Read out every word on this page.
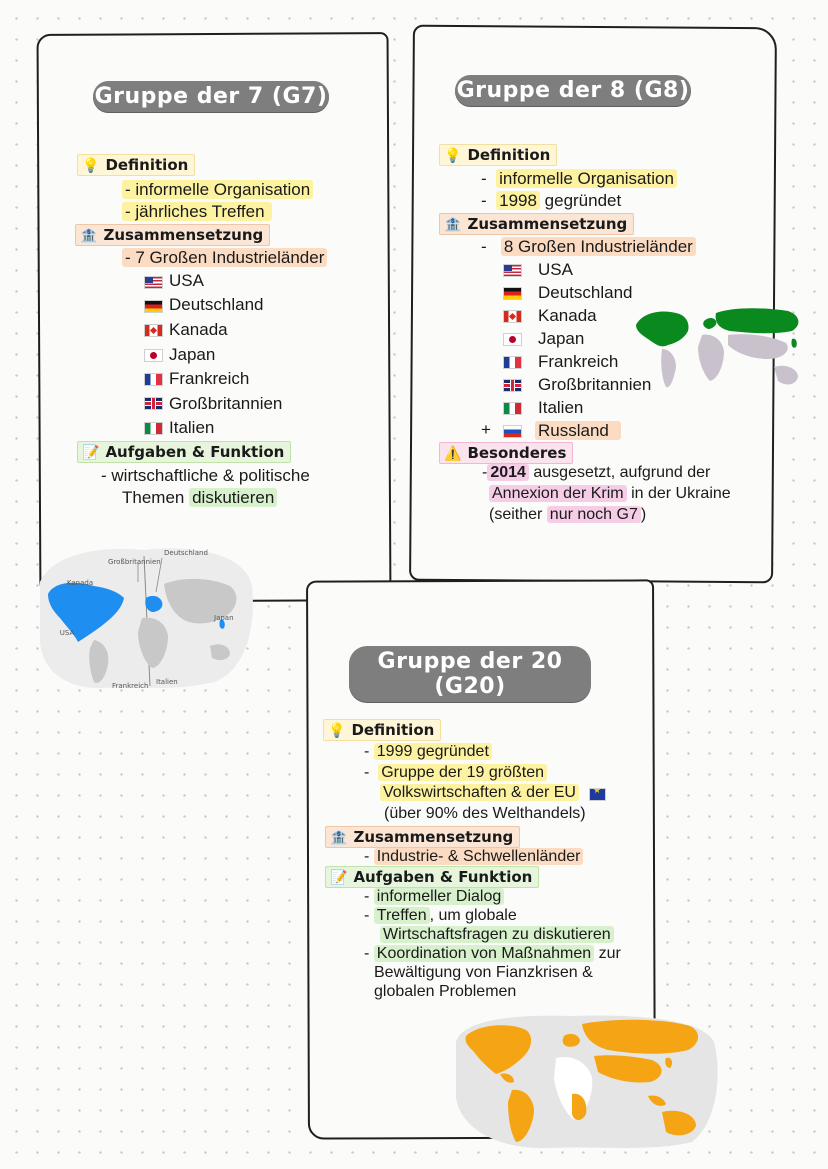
Gruppe der 7 (G7)
💡 Definition
- informelle Organisation
- jährliches Treffen
🏦 Zusammensetzung
- 7 Großen Industrieländer
USA
Deutschland
Kanada
Japan
Frankreich
Großbritannien
Italien
📝 Aufgaben & Funktion
- wirtschaftliche & politische
Themen diskutieren
Kanada
Großbritannien
Deutschland
USA
Japan
Frankreich Italien
Gruppe der 8 (G8)
💡 Definition
-  informelle Organisation
-  1998 gegründet
🏦 Zusammensetzung
-   8 Großen Industrieländer
USA
Deutschland
Kanada
Japan
Frankreich
Großbritannien
Italien
+	Russland
⚠️ Besonderes
- 2014 ausgesetzt, aufgrund der
Annexion der Krim in der Ukraine
(seither nur noch G7 )
Gruppe der 20 (G20)
💡 Definition
- 1999 gegründet
-  Gruppe der 19 größten
Volkswirtschaften & der EU
★
(über 90% des Welthandels)
🏦 Zusammensetzung
- Industrie- & Schwellenländer
📝 Aufgaben & Funktion
- informeller Dialog
- Treffen , um globale
Wirtschaftsfragen zu diskutieren
- Koordination von Maßnahmen zur
Bewältigung von Fianzkrisen &
globalen Problemen
